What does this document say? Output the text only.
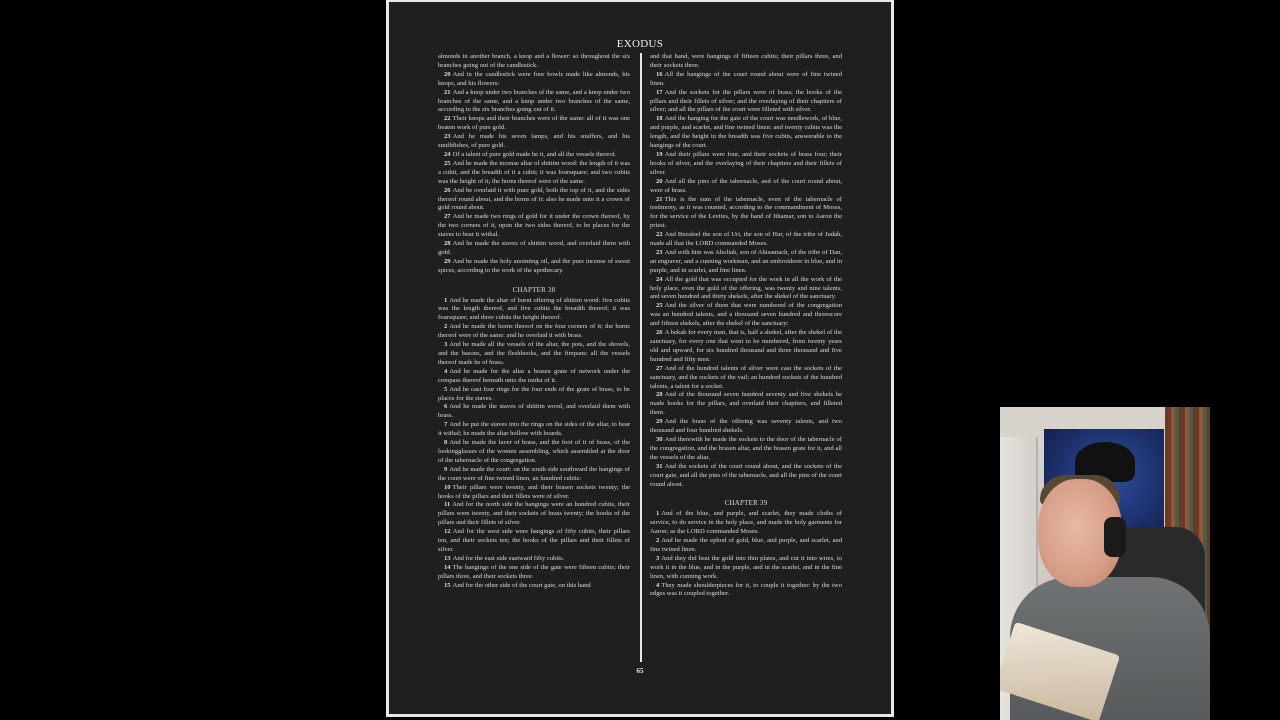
EXODUS

almonds in another branch, a knop and a flower: so throughout the six branches going out of the candlestick.

20 And in the candlestick were four bowls made like almonds, his knops, and his flowers:

21 And a knop under two branches of the same, and a knop under two branches of the same, and a knop under two branches of the same, according to the six branches going out of it.

22 Their knops and their branches were of the same: all of it was one beaten work of pure gold.

23 And he made his seven lamps, and his snuffers, and his snuffdishes, of pure gold.

24 Of a talent of pure gold made he it, and all the vessels thereof.

25 And he made the incense altar of shittim wood: the length of it was a cubit, and the breadth of it a cubit; it was foursquare; and two cubits was the height of it; the horns thereof were of the same.

26 And he overlaid it with pure gold, both the top of it, and the sides thereof round about, and the horns of it: also he made unto it a crown of gold round about.

27 And he made two rings of gold for it under the crown thereof, by the two corners of it, upon the two sides thereof, to be places for the staves to bear it withal.

28 And he made the staves of shittim wood, and overlaid them with gold.

29 And he made the holy anointing oil, and the pure incense of sweet spices, according to the work of the apothecary.

CHAPTER 38

1 And he made the altar of burnt offering of shittim wood: five cubits was the length thereof, and five cubits the breadth thereof; it was foursquare; and three cubits the height thereof.

2 And he made the horns thereof on the four corners of it; the horns thereof were of the same: and he overlaid it with brass.

3 And he made all the vessels of the altar, the pots, and the shovels, and the basons, and the fleshhooks, and the firepans: all the vessels thereof made he of brass.

4 And he made for the altar a brasen grate of network under the compass thereof beneath unto the midst of it.

5 And he cast four rings for the four ends of the grate of brass, to be places for the staves.

6 And he made the staves of shittim wood, and overlaid them with brass.

7 And he put the staves into the rings on the sides of the altar, to bear it withal; he made the altar hollow with boards.

8 And he made the laver of brass, and the foot of it of brass, of the lookingglasses of the women assembling, which assembled at the door of the tabernacle of the congregation.

9 And he made the court: on the south side southward the hangings of the court were of fine twined linen, an hundred cubits:

10 Their pillars were twenty, and their brasen sockets twenty; the hooks of the pillars and their fillets were of silver.

11 And for the north side the hangings were an hundred cubits, their pillars were twenty, and their sockets of brass twenty; the hooks of the pillars and their fillets of silver.

12 And for the west side were hangings of fifty cubits, their pillars ten, and their sockets ten; the hooks of the pillars and their fillets of silver.

13 And for the east side eastward fifty cubits.

14 The hangings of the one side of the gate were fifteen cubits; their pillars three, and their sockets three.

15 And for the other side of the court gate, on this hand

and that hand, were hangings of fifteen cubits; their pillars three, and their sockets three.

16 All the hangings of the court round about were of fine twined linen.

17 And the sockets for the pillars were of brass; the hooks of the pillars and their fillets of silver; and the overlaying of their chapiters of silver; and all the pillars of the court were filleted with silver.

18 And the hanging for the gate of the court was needlework, of blue, and purple, and scarlet, and fine twined linen: and twenty cubits was the length, and the height in the breadth was five cubits, answerable to the hangings of the court.

19 And their pillars were four, and their sockets of brass four; their hooks of silver, and the overlaying of their chapiters and their fillets of silver.

20 And all the pins of the tabernacle, and of the court round about, were of brass.

21 This is the sum of the tabernacle, even of the tabernacle of testimony, as it was counted, according to the commandment of Moses, for the service of the Levites, by the hand of Ithamar, son to Aaron the priest.

22 And Bezaleel the son of Uri, the son of Hur, of the tribe of Judah, made all that the LORD commanded Moses.

23 And with him was Aholiab, son of Ahisamach, of the tribe of Dan, an engraver, and a cunning workman, and an embroiderer in blue, and in purple, and in scarlet, and fine linen.

24 All the gold that was occupied for the work in all the work of the holy place, even the gold of the offering, was twenty and nine talents, and seven hundred and thirty shekels, after the shekel of the sanctuary.

25 And the silver of them that were numbered of the congregation was an hundred talents, and a thousand seven hundred and threescore and fifteen shekels, after the shekel of the sanctuary:

26 A bekah for every man, that is, half a shekel, after the shekel of the sanctuary, for every one that went to be numbered, from twenty years old and upward, for six hundred thousand and three thousand and five hundred and fifty men.

27 And of the hundred talents of silver were cast the sockets of the sanctuary, and the sockets of the vail; an hundred sockets of the hundred talents, a talent for a socket.

28 And of the thousand seven hundred seventy and five shekels he made hooks for the pillars, and overlaid their chapiters, and filleted them.

29 And the brass of the offering was seventy talents, and two thousand and four hundred shekels.

30 And therewith he made the sockets to the door of the tabernacle of the congregation, and the brasen altar, and the brasen grate for it, and all the vessels of the altar,

31 And the sockets of the court round about, and the sockets of the court gate, and all the pins of the tabernacle, and all the pins of the court round about.

CHAPTER 39

1 And of the blue, and purple, and scarlet, they made cloths of service, to do service in the holy place, and made the holy garments for Aaron; as the LORD commanded Moses.

2 And he made the ephod of gold, blue, and purple, and scarlet, and fine twined linen.

3 And they did beat the gold into thin plates, and cut it into wires, to work it in the blue, and in the purple, and in the scarlet, and in the fine linen, with cunning work.

4 They made shoulderpieces for it, to couple it together: by the two edges was it coupled together.

65
